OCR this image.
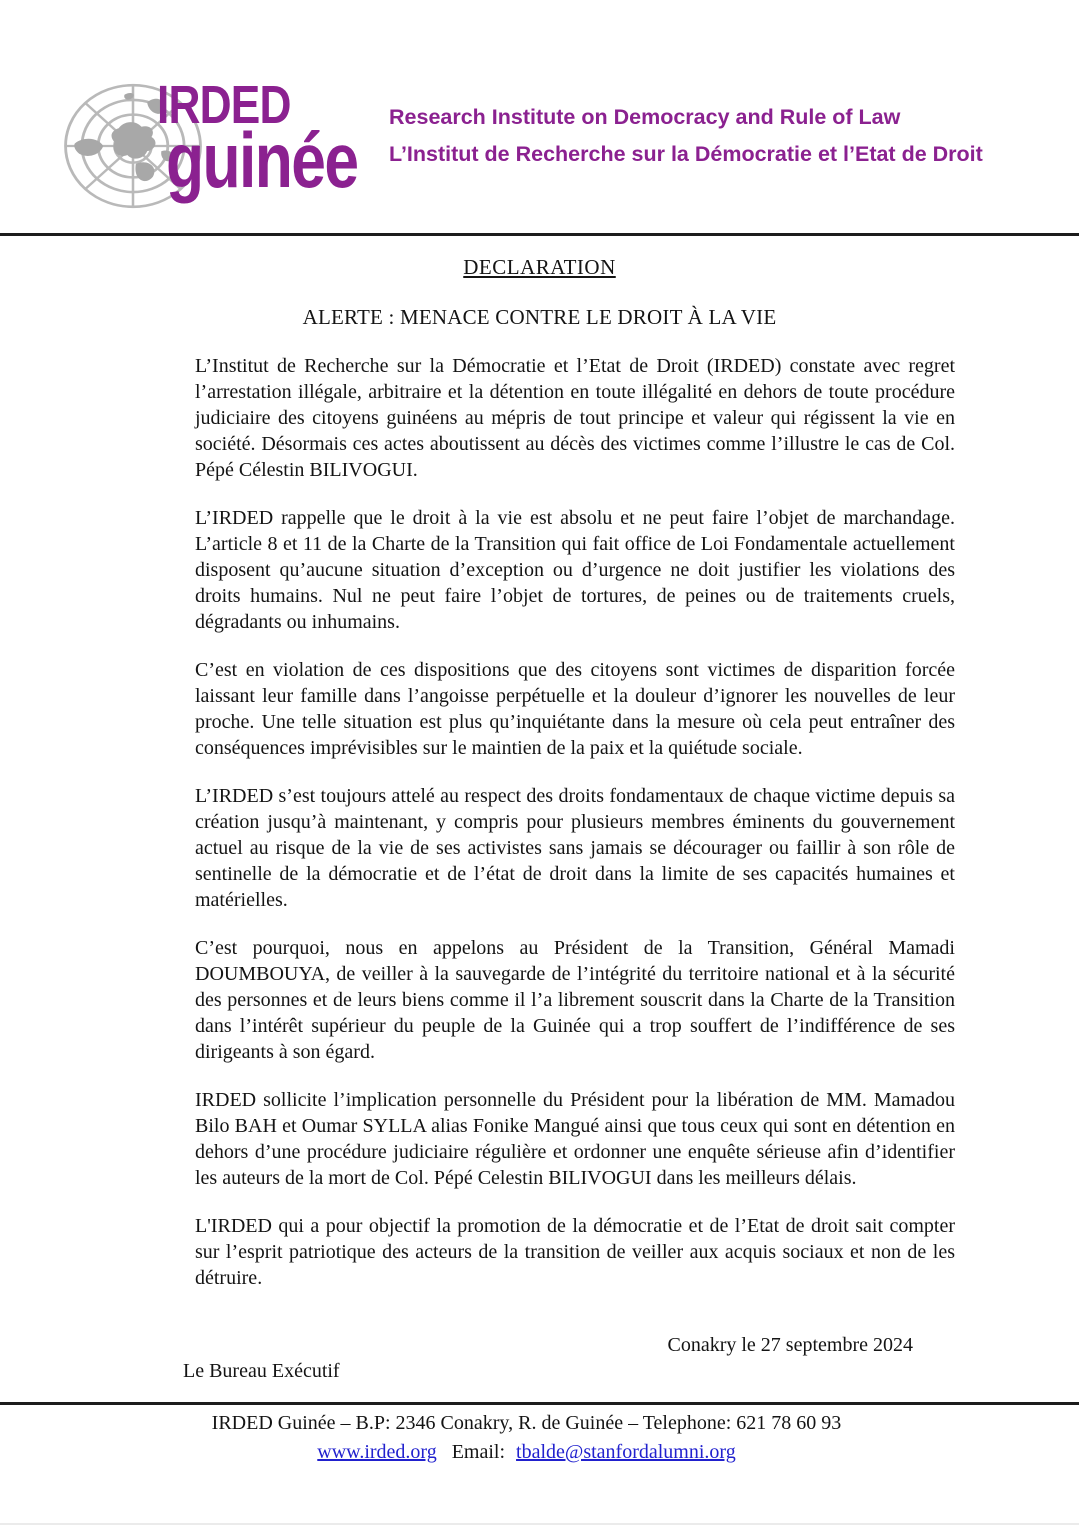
IRDED
guinée Research Institute on Democracy and Rule of Law
L’Institut de Recherche sur la Démocratie et l’Etat de Droit
DECLARATION
ALERTE : MENACE CONTRE LE DROIT À LA VIE

L’Institut de Recherche sur la Démocratie et l’Etat de Droit (IRDED) constate avec regret l’arrestation illégale, arbitraire et la détention en toute illégalité en dehors de toute procédure judiciaire des citoyens guinéens au mépris de tout principe et valeur qui régissent la vie en société. Désormais ces actes aboutissent au décès des victimes comme l’illustre le cas de Col. Pépé Célestin BILIVOGUI.

L’IRDED rappelle que le droit à la vie est absolu et ne peut faire l’objet de marchandage. L’article 8 et 11 de la Charte de la Transition qui fait office de Loi Fondamentale actuellement disposent qu’aucune situation d’exception ou d’urgence ne doit justifier les violations des droits humains. Nul ne peut faire l’objet de tortures, de peines ou de traitements cruels, dégradants ou inhumains.

C’est en violation de ces dispositions que des citoyens sont victimes de disparition forcée laissant leur famille dans l’angoisse perpétuelle et la douleur d’ignorer les nouvelles de leur proche. Une telle situation est plus qu’inquiétante dans la mesure où cela peut entraîner des conséquences imprévisibles sur le maintien de la paix et la quiétude sociale.

L’IRDED s’est toujours attelé au respect des droits fondamentaux de chaque victime depuis sa création jusqu’à maintenant, y compris pour plusieurs membres éminents du gouvernement actuel au risque de la vie de ses activistes sans jamais se décourager ou faillir à son rôle de sentinelle de la démocratie et de l’état de droit dans la limite de ses capacités humaines et matérielles.

C’est pourquoi, nous en appelons au Président de la Transition, Général Mamadi DOUMBOUYA, de veiller à la sauvegarde de l’intégrité du territoire national et à la sécurité des personnes et de leurs biens comme il l’a librement souscrit dans la Charte de la Transition dans l’intérêt supérieur du peuple de la Guinée qui a trop souffert de l’indifférence de ses dirigeants à son égard.

IRDED sollicite l’implication personnelle du Président pour la libération de MM. Mamadou Bilo BAH et Oumar SYLLA alias Fonike Mangué ainsi que tous ceux qui sont en détention en dehors d’une procédure judiciaire régulière et ordonner une enquête sérieuse afin d’identifier les auteurs de la mort de Col. Pépé Celestin BILIVOGUI dans les meilleurs délais.

L'IRDED qui a pour objectif la promotion de la démocratie et de l’Etat de droit sait compter sur l’esprit patriotique des acteurs de la transition de veiller aux acquis sociaux et non de les détruire.

Conakry le 27 septembre 2024
Le Bureau Exécutif
IRDED Guinée – B.P: 2346 Conakry, R. de Guinée – Telephone: 621 78 60 93
www.irded.org Email: tbalde@stanfordalumni.org
